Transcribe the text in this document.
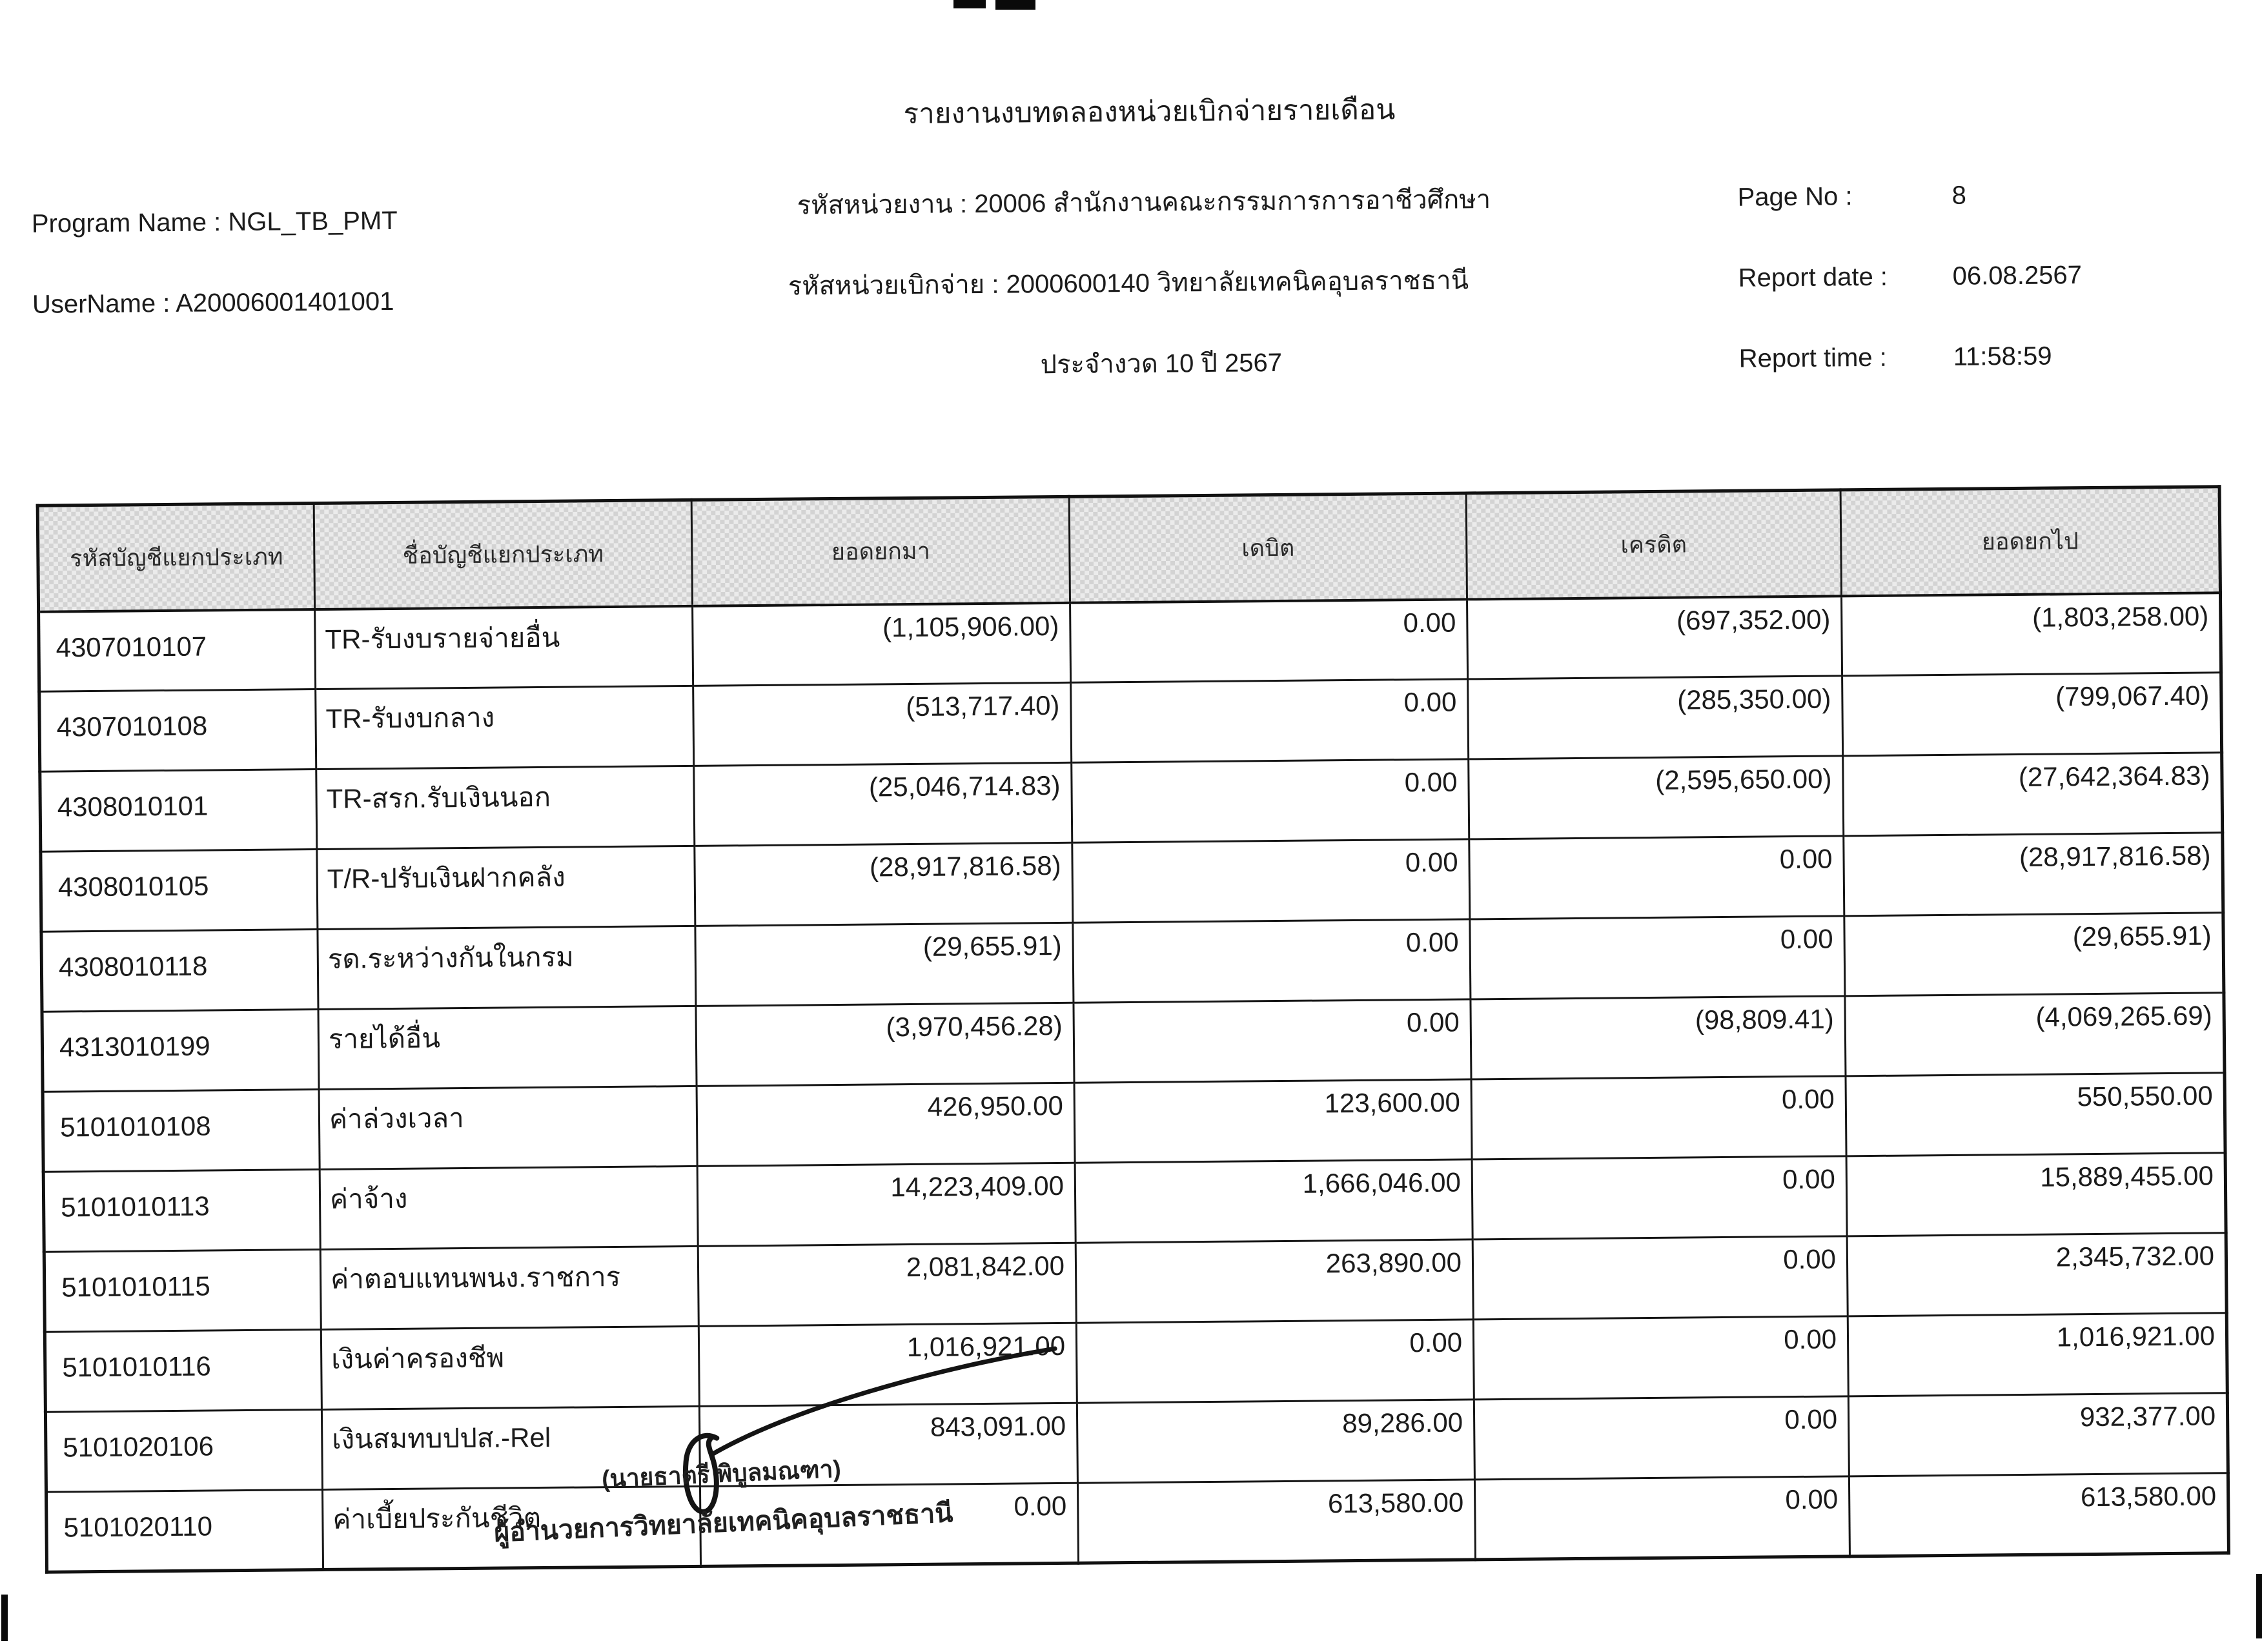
รายงานงบทดลองหน่วยเบิกจ่ายรายเดือน
Program Name : NGL_TB_PMT
UserName : A20006001401001
รหัสหน่วยงาน : 20006 สำนักงานคณะกรรมการการอาชีวศึกษา
รหัสหน่วยเบิกจ่าย : 2000600140 วิทยาลัยเทคนิคอุบลราชธานี
ประจำงวด 10 ปี 2567
Page No :	8
Report date :	06.08.2567
Report time :	11:58:59
รหัสบัญชีแยกประเภท	ชื่อบัญชีแยกประเภท	ยอดยกมา	เดบิต	เครดิต	ยอดยกไป
4307010107	TR-รับงบรายจ่ายอื่น	(1,105,906.00)	0.00	(697,352.00)	(1,803,258.00)
4307010108	TR-รับงบกลาง	(513,717.40)	0.00	(285,350.00)	(799,067.40)
4308010101	TR-สรก.รับเงินนอก	(25,046,714.83)	0.00	(2,595,650.00)	(27,642,364.83)
4308010105	T/R-ปรับเงินฝากคลัง	(28,917,816.58)	0.00	0.00	(28,917,816.58)
4308010118	รด.ระหว่างกันในกรม	(29,655.91)	0.00	0.00	(29,655.91)
4313010199	รายได้อื่น	(3,970,456.28)	0.00	(98,809.41)	(4,069,265.69)
5101010108	ค่าล่วงเวลา	426,950.00	123,600.00	0.00	550,550.00
5101010113	ค่าจ้าง	14,223,409.00	1,666,046.00	0.00	15,889,455.00
5101010115	ค่าตอบแทนพนง.ราชการ	2,081,842.00	263,890.00	0.00	2,345,732.00
5101010116	เงินค่าครองชีพ	1,016,921.00	0.00	0.00	1,016,921.00
5101020106	เงินสมทบปปส.-Rel	843,091.00	89,286.00	0.00	932,377.00
5101020110	ค่าเบี้ยประกันชีวิต	0.00	613,580.00	0.00	613,580.00
(นายธาตรี พิบูลมณฑา)
ผู้อำนวยการวิทยาลัยเทคนิคอุบลราชธานี
